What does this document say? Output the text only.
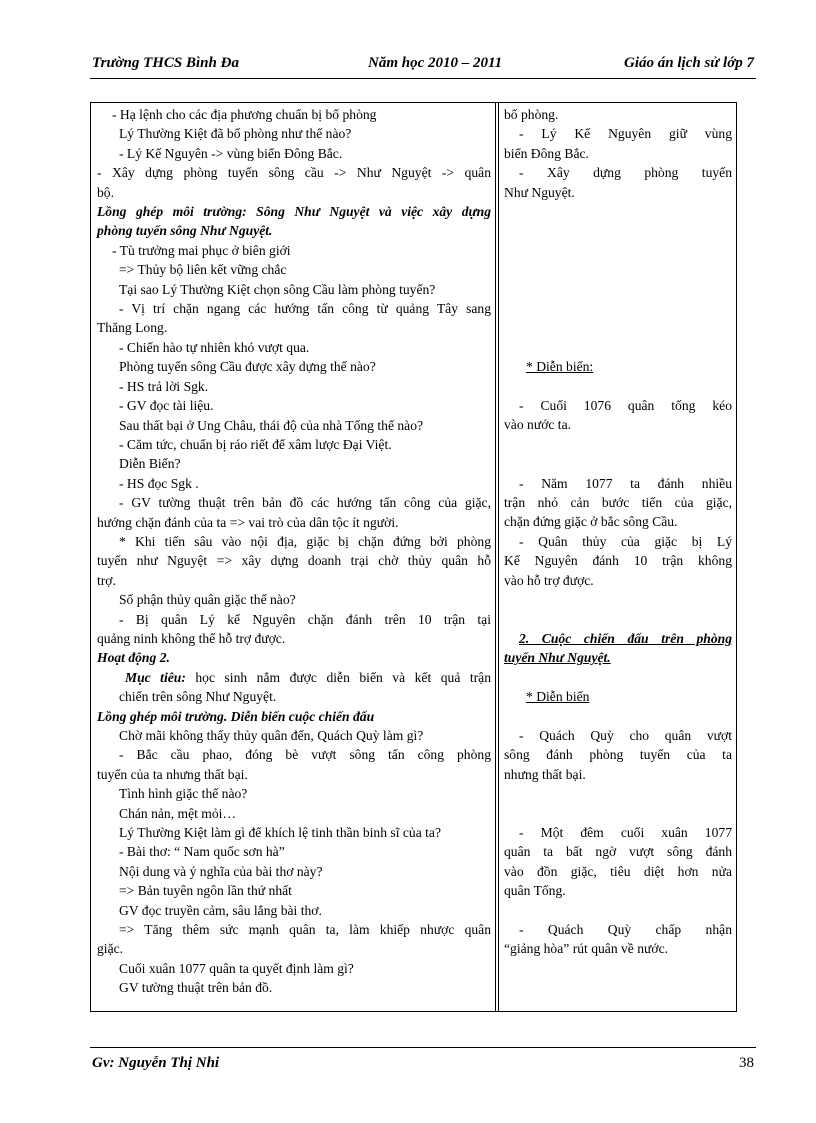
Trường THCS Bình Đa	Năm học 2010 – 2011	Giáo án lịch sử lớp 7
- Hạ lệnh cho các địa phương chuẩn bị bố phòng
Lý Thường Kiệt đã bố phòng như thế nào?
- Lý Kế Nguyên -> vùng biển Đông Bắc.
- Xây dựng phòng tuyến sông cầu -> Như Nguyệt -> quân
bộ.
Lồng ghép môi trường: Sông Như Nguyệt và việc xây dựng
phòng tuyến sông Như Nguyệt.
- Tù trưởng mai phục ở biên giới
=> Thủy bộ liên kết vững chắc
Tại sao Lý Thường Kiệt chọn sông Cầu làm phòng tuyến?
- Vị trí chặn ngang các hướng tấn công từ quảng Tây sang
Thăng Long.
- Chiến hào tự nhiên khó vượt qua.
Phòng tuyến sông Cầu được xây dựng thế nào?
- HS trả lời Sgk.
- GV đọc tài liệu.
Sau thất bại ở Ung Châu, thái độ của nhà Tống thế nào?
- Căm tức, chuẩn bị ráo riết để xâm lược Đại Việt.
Diễn Biến?
- HS đọc Sgk .
- GV tường thuật trên bản đồ các hướng tấn công của giặc,
hướng chặn đánh của ta => vai trò của dân tộc ít người.
* Khi tiến sâu vào nội địa, giặc bị chặn đứng bởi phòng
tuyến như Nguyệt => xây dựng doanh trại chờ thủy quân hỗ
trợ.
Số phận thủy quân giặc thế nào?
- Bị quân Lý kế Nguyên chặn đánh trên 10 trận tại
quảng ninh không thể hỗ trợ được.
Hoạt động 2.
Mục tiêu: học sinh nắm được diễn biến và kết quả trận
chiến trên sông Như Nguyệt.
Lồng ghép môi trường. Diễn biến cuộc chiến đấu
Chờ mãi không thấy thủy quân đến, Quách Quỳ làm gì?
- Bắc cầu phao, đóng bè vượt sông tấn công phòng
tuyến của ta nhưng thất bại.
Tình hình giặc thế nào?
Chán nản, mệt mỏi…
Lý Thường Kiệt làm gì để khích lệ tinh thần binh sĩ của ta?
- Bài thơ: “ Nam quốc sơn hà”
Nội dung và ý nghĩa của bài thơ này?
=> Bản tuyên ngôn lần thứ nhất
GV đọc truyền cảm, sâu lắng bài thơ.
=> Tăng thêm sức mạnh quân ta, làm khiếp nhược quân
giặc.
Cuối xuân 1077 quân ta quyết định làm gì?
GV tường thuật trên bản đồ.
bố phòng.
- Lý Kế Nguyên giữ vùng
biển Đông Bắc.
- Xây dựng phòng tuyến
Như Nguyệt.
* Diễn biến:
- Cuối 1076 quân tống kéo
vào nước ta.
- Năm 1077 ta đánh nhiều
trận nhỏ cản bước tiến của giặc,
chặn đứng giặc ở bắc sông Cầu.
- Quân thủy của giặc bị Lý
Kế Nguyên đánh 10 trận không
vào hỗ trợ được.
2. Cuộc chiến đấu trên phòng
tuyến Như Nguyệt.
* Diễn biến
- Quách Quỳ cho quân vượt
sông đánh phòng tuyến của ta
nhưng thất bại.
- Một đêm cuối xuân 1077
quân ta bất ngờ vượt sông đánh
vào đồn giặc, tiêu diệt hơn nửa
quân Tống.
- Quách Quỳ chấp nhận
“giảng hòa” rút quân về nước.
Gv: Nguyễn Thị Nhi	38
